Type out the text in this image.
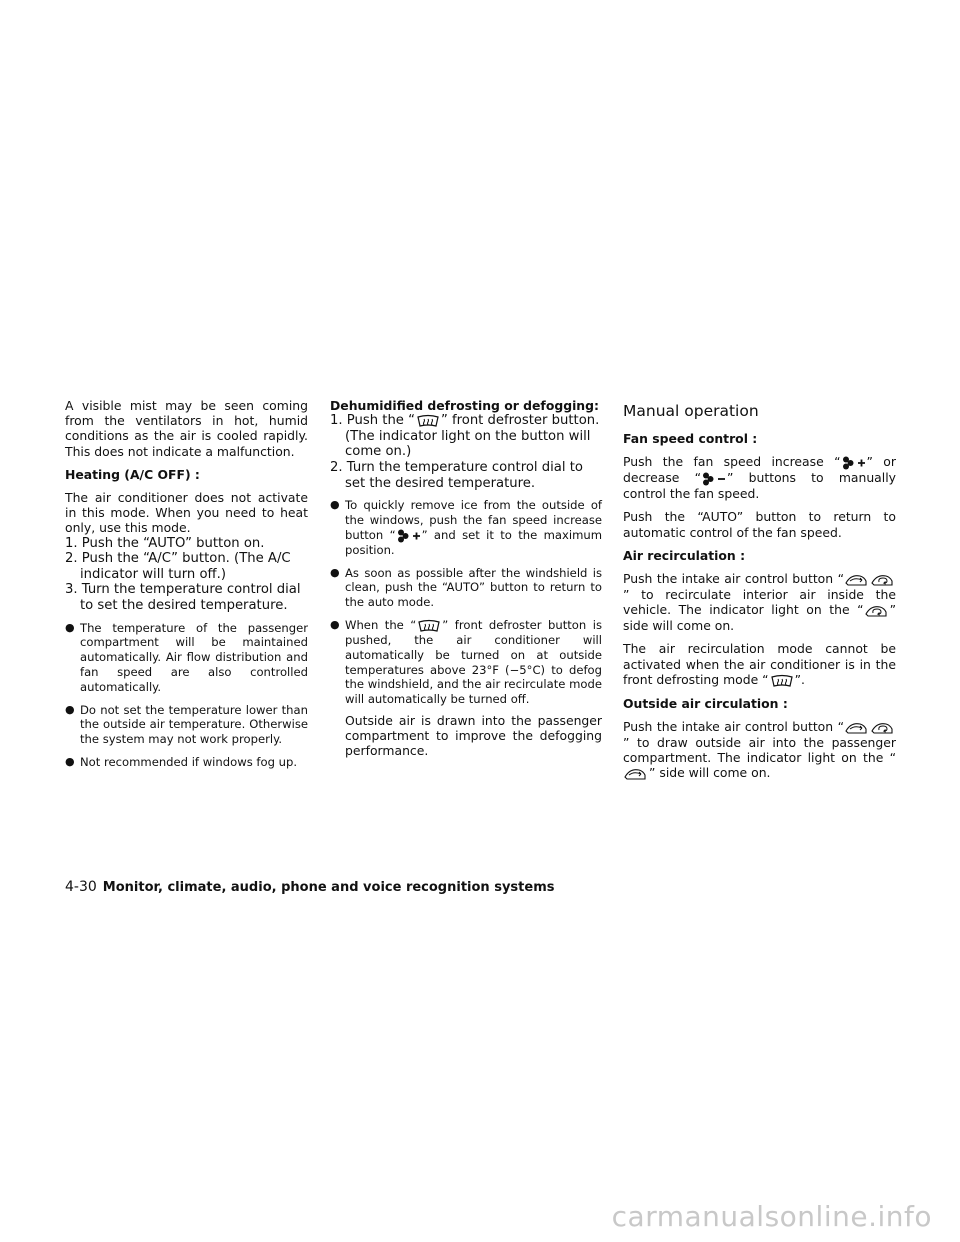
A visible mist may be seen coming from the ventilators in hot, humid conditions as the air is cooled rapidly. This does not indicate a malfunction.

Heating (A/C OFF) :

The air conditioner does not activate in this mode. When you need to heat only, use this mode.

1. Push the “AUTO” button on.
2. Push the “A/C” button. (The A/C indicator will turn off.)
3. Turn the temperature control dial to set the desired temperature.
● The temperature of the passenger compartment will be maintained automatically. Air flow distribution and fan speed are also controlled automatically.
● Do not set the temperature lower than the outside air temperature. Otherwise the system may not work properly.
● Not recommended if windows fog up.

Dehumidified defrosting or defogging:

1. Push the “ ” front defroster button. (The indicator light on the button will come on.)
2. Turn the temperature control dial to set the desired temperature.
● To quickly remove ice from the outside of the windows, push the fan speed increase button “ ” and set it to the maximum position.
● As soon as possible after the windshield is clean, push the “AUTO” button to return to the auto mode.
● When the “ ” front defroster button is pushed, the air conditioner will automatically be turned on at outside temperatures above 23°F (−5°C) to defog the windshield, and the air recirculate mode will automatically be turned off.

Outside air is drawn into the passenger compartment to improve the defogging performance.

Manual operation

Fan speed control :

Push the fan speed increase “ ” or decrease “ ” buttons to manually control the fan speed.

Push the “AUTO” button to return to automatic control of the fan speed.

Air recirculation :

Push the intake air control button “
” to recirculate interior air inside the vehicle. The indicator light on the “ ” side will come on.

The air recirculation mode cannot be activated when the air conditioner is in the front defrosting mode “ ”.

Outside air circulation :

Push the intake air control button “
” to draw outside air into the passenger compartment. The indicator light on the “
” side will come on.

4-30 Monitor, climate, audio, phone and voice recognition systems
carmanualsonline.info
